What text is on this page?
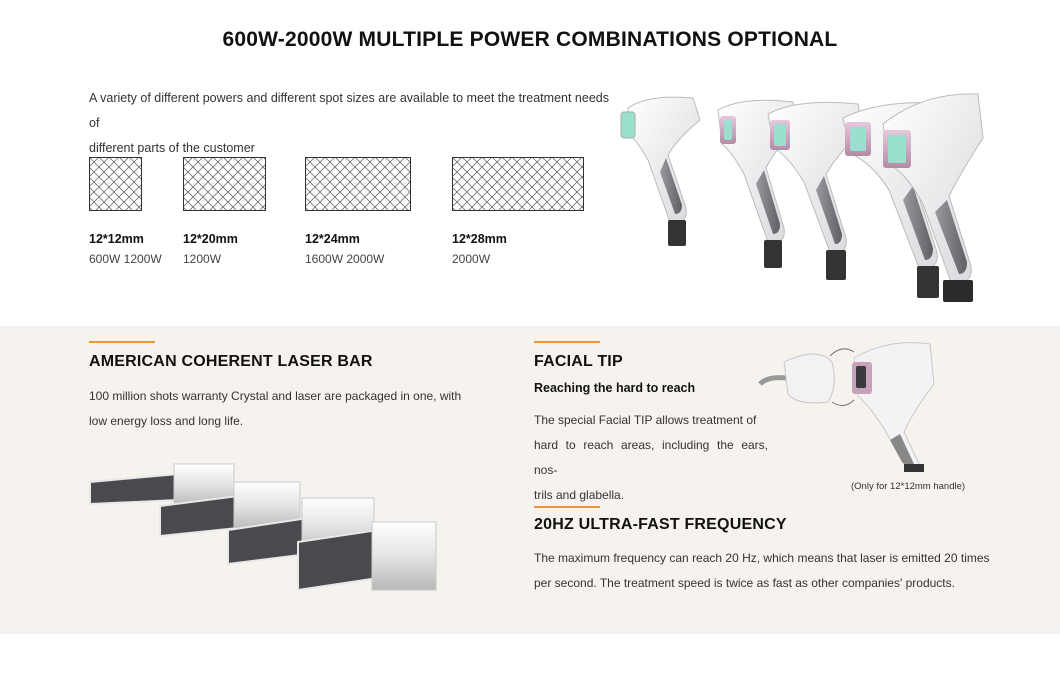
600W-2000W MULTIPLE POWER COMBINATIONS OPTIONAL
A variety of different powers and different spot sizes are available to meet the treatment needs of
different parts of the customer
12*12mm
600W 1200W
12*20mm
1200W
12*24mm
1600W 2000W
12*28mm
2000W
AMERICAN COHERENT LASER BAR
100 million shots warranty Crystal and laser are packaged in one, with
low energy loss and long life.
FACIAL TIP
Reaching the hard to reach
The special Facial TIP allows treatment of
hard to reach areas, including the ears, nos-
trils and glabella.
(Only for 12*12mm handle)
20HZ ULTRA-FAST FREQUENCY
The maximum frequency can reach 20 Hz, which means that laser is emitted 20 times
per second. The treatment speed is twice as fast as other companies' products.
